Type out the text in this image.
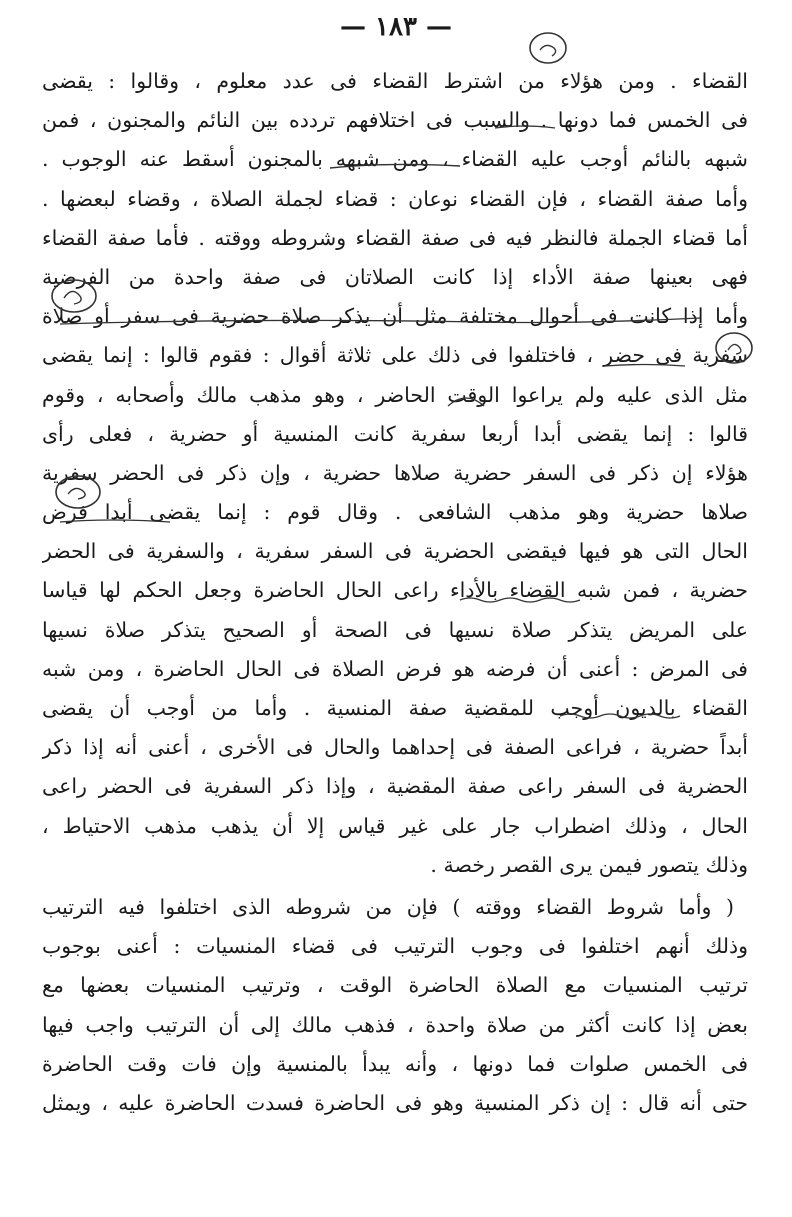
— ١٨٣ —
القضاء . ومن هؤلاء من اشترط القضاء فى عدد معلوم ، وقالوا : يقضى
فى الخمس فما دونها . والسبب فى اختلافهم تردده بين النائم والمجنون ، فمن
شبهه بالنائم أوجب عليه القضاء ، ومن شبهه بالمجنون أسقط عنه الوجوب .
وأما صفة القضاء ، فإن القضاء نوعان : قضاء لجملة الصلاة ، وقضاء لبعضها .
أما قضاء الجملة فالنظر فيه فى صفة القضاء وشروطه ووقته . فأما صفة القضاء
فهى بعينها صفة الأداء إذا كانت الصلاتان فى صفة واحدة من الفرضية
وأما إذا كانت فى أحوال مختلفة مثل أن يذكر صلاة حضرية فى سفر أو صلاة
سفرية فى حضر ، فاختلفوا فى ذلك على ثلاثة أقوال : فقوم قالوا : إنما يقضى
مثل الذى عليه ولم يراعوا الوقت الحاضر ، وهو مذهب مالك وأصحابه ، وقوم
قالوا : إنما يقضى أبدا أربعا سفرية كانت المنسية أو حضرية ، فعلى رأى
هؤلاء إن ذكر فى السفر حضرية صلاها حضرية ، وإن ذكر فى الحضر سفرية
صلاها حضرية وهو مذهب الشافعى . وقال قوم : إنما يقضى أبدا فرض
الحال التى هو فيها فيقضى الحضرية فى السفر سفرية ، والسفرية فى الحضر
حضرية ، فمن شبه القضاء بالأداء راعى الحال الحاضرة وجعل الحكم لها قياسا
على المريض يتذكر صلاة نسيها فى الصحة أو الصحيح يتذكر صلاة نسيها
فى المرض : أعنى أن فرضه هو فرض الصلاة فى الحال الحاضرة ، ومن شبه
القضاء بالديون أوجب للمقضية صفة المنسية . وأما من أوجب أن يقضى
أبداً حضرية ، فراعى الصفة فى إحداهما والحال فى الأخرى ، أعنى أنه إذا ذكر
الحضرية فى السفر راعى صفة المقضية ، وإذا ذكر السفرية فى الحضر راعى
الحال ، وذلك اضطراب جار على غير قياس إلا أن يذهب مذهب الاحتياط ،
وذلك يتصور فيمن يرى القصر رخصة .
( وأما شروط القضاء ووقته ) فإن من شروطه الذى اختلفوا فيه الترتيب
وذلك أنهم اختلفوا فى وجوب الترتيب فى قضاء المنسيات : أعنى بوجوب
ترتيب المنسيات مع الصلاة الحاضرة الوقت ، وترتيب المنسيات بعضها مع
بعض إذا كانت أكثر من صلاة واحدة ، فذهب مالك إلى أن الترتيب واجب فيها
فى الخمس صلوات فما دونها ، وأنه يبدأ بالمنسية وإن فات وقت الحاضرة
حتى أنه قال : إن ذكر المنسية وهو فى الحاضرة فسدت الحاضرة عليه ، ويمثل
